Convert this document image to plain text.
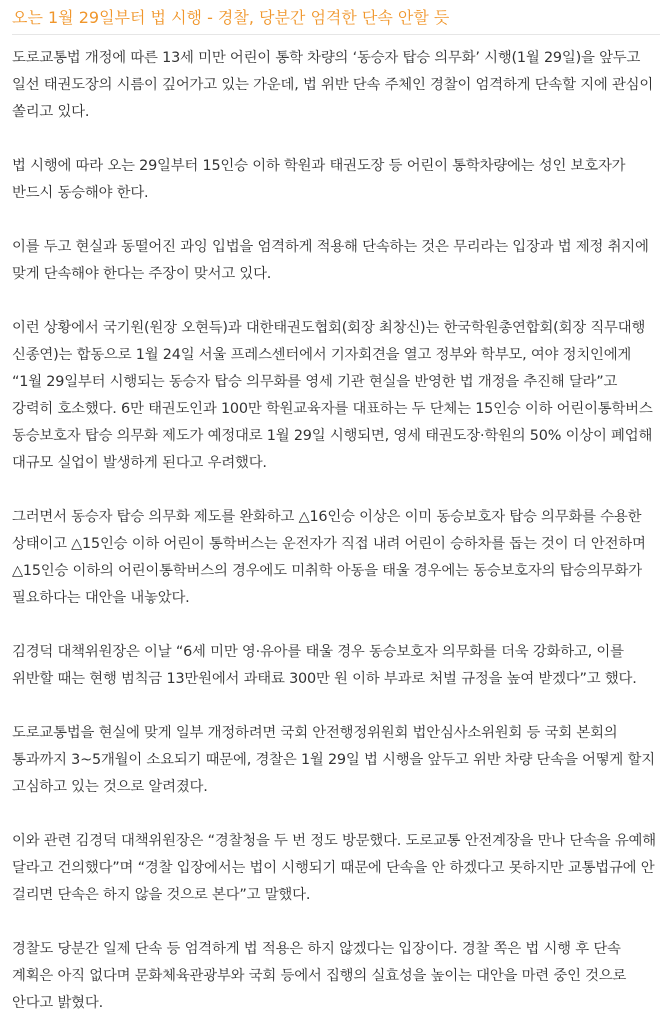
오는 1월 29일부터 법 시행 - 경찰, 당분간 엄격한 단속 안할 듯

도로교통법 개정에 따른 13세 미만 어린이 통학 차량의 ‘동승자 탑승 의무화’ 시행(1월 29일)을 앞두고 일선 태권도장의 시름이 깊어가고 있는 가운데, 법 위반 단속 주체인 경찰이 엄격하게 단속할 지에 관심이 쏠리고 있다.

법 시행에 따라 오는 29일부터 15인승 이하 학원과 태권도장 등 어린이 통학차량에는 성인 보호자가 반드시 동승해야 한다.

이를 두고 현실과 동떨어진 과잉 입법을 엄격하게 적용해 단속하는 것은 무리라는 입장과 법 제정 취지에 맞게 단속해야 한다는 주장이 맞서고 있다.

이런 상황에서 국기원(원장 오현득)과 대한태권도협회(회장 최창신)는 한국학원총연합회(회장 직무대행 신종연)는 합동으로 1월 24일 서울 프레스센터에서 기자회견을 열고 정부와 학부모, 여야 정치인에게 “1월 29일부터 시행되는 동승자 탑승 의무화를 영세 기관 현실을 반영한 법 개정을 추진해 달라”고 강력히 호소했다. 6만 태권도인과 100만 학원교육자를 대표하는 두 단체는 15인승 이하 어린이통학버스 동승보호자 탑승 의무화 제도가 예정대로 1월 29일 시행되면, 영세 태권도장·학원의 50% 이상이 폐업해 대규모 실업이 발생하게 된다고 우려했다.

그러면서 동승자 탑승 의무화 제도를 완화하고 △16인승 이상은 이미 동승보호자 탑승 의무화를 수용한 상태이고 △15인승 이하 어린이 통학버스는 운전자가 직접 내려 어린이 승하차를 돕는 것이 더 안전하며 △15인승 이하의 어린이통학버스의 경우에도 미취학 아동을 태울 경우에는 동승보호자의 탑승의무화가 필요하다는 대안을 내놓았다.

김경덕 대책위원장은 이날 “6세 미만 영·유아를 태울 경우 동승보호자 의무화를 더욱 강화하고, 이를 위반할 때는 현행 범칙금 13만원에서 과태료 300만 원 이하 부과로 처벌 규정을 높여 받겠다”고 했다.

도로교통법을 현실에 맞게 일부 개정하려면 국회 안전행정위원회 법안심사소위원회 등 국회 본회의 통과까지 3~5개월이 소요되기 때문에, 경찰은 1월 29일 법 시행을 앞두고 위반 차량 단속을 어떻게 할지 고심하고 있는 것으로 알려졌다.

이와 관련 김경덕 대책위원장은 “경찰청을 두 번 정도 방문했다. 도로교통 안전계장을 만나 단속을 유예해 달라고 건의했다”며 “경찰 입장에서는 법이 시행되기 때문에 단속을 안 하겠다고 못하지만 교통법규에 안 걸리면 단속은 하지 않을 것으로 본다”고 말했다.

경찰도 당분간 일제 단속 등 엄격하게 법 적용은 하지 않겠다는 입장이다. 경찰 쪽은 법 시행 후 단속 계획은 아직 없다며 문화체육관광부와 국회 등에서 집행의 실효성을 높이는 대안을 마련 중인 것으로 안다고 밝혔다.
